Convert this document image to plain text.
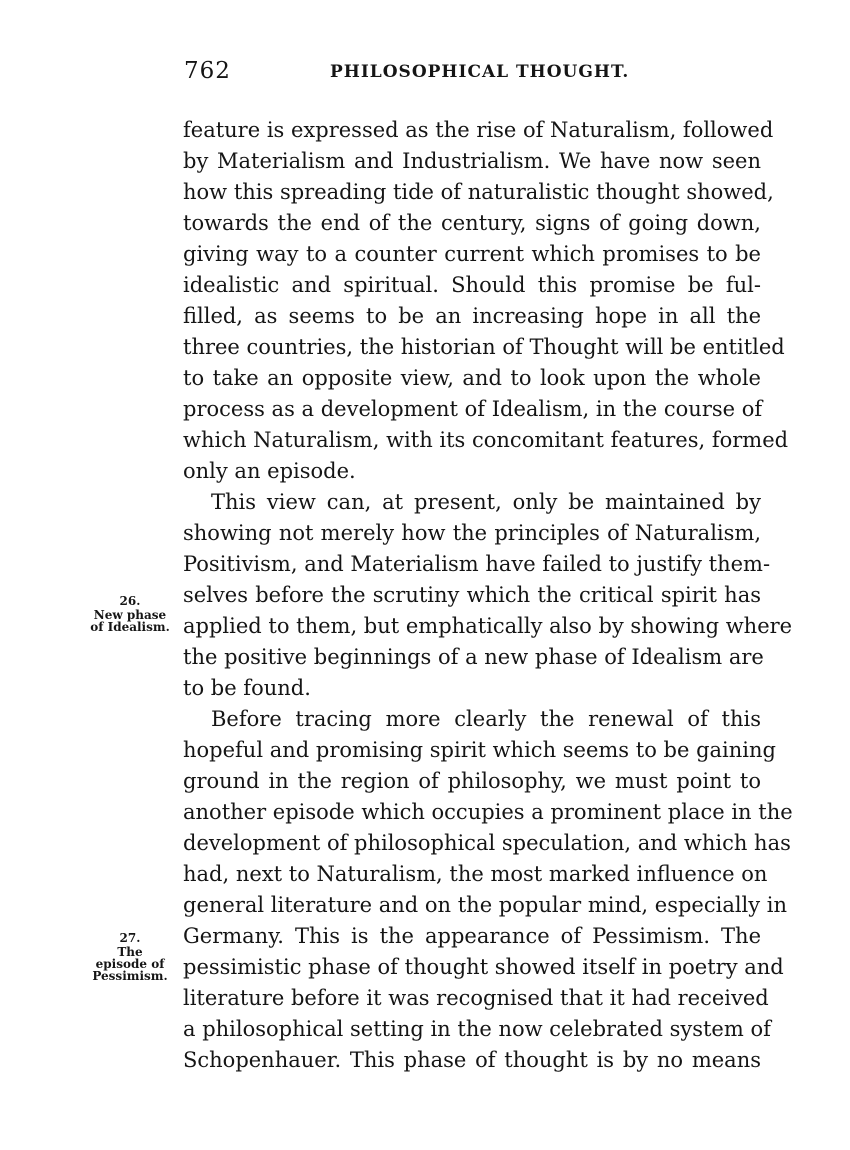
762	PHILOSOPHICAL THOUGHT.
feature is expressed as the rise of Naturalism, followed
by Materialism and Industrialism. We have now seen
how this spreading tide of naturalistic thought showed,
towards the end of the century, signs of going down,
giving way to a counter current which promises to be
idealistic and spiritual. Should this promise be ful-
filled, as seems to be an increasing hope in all the
three countries, the historian of Thought will be entitled
to take an opposite view, and to look upon the whole
process as a development of Idealism, in the course of
which Naturalism, with its concomitant features, formed
only an episode.
This view can, at present, only be maintained by
showing not merely how the principles of Naturalism,
Positivism, and Materialism have failed to justify them-
selves before the scrutiny which the critical spirit has
applied to them, but emphatically also by showing where
the positive beginnings of a new phase of Idealism are
to be found.
Before tracing more clearly the renewal of this
hopeful and promising spirit which seems to be gaining
ground in the region of philosophy, we must point to
another episode which occupies a prominent place in the
development of philosophical speculation, and which has
had, next to Naturalism, the most marked influence on
general literature and on the popular mind, especially in
Germany. This is the appearance of Pessimism. The
pessimistic phase of thought showed itself in poetry and
literature before it was recognised that it had received
a philosophical setting in the now celebrated system of
Schopenhauer. This phase of thought is by no means
26.
New phase
of Idealism.
27.
The
episode of
Pessimism.
